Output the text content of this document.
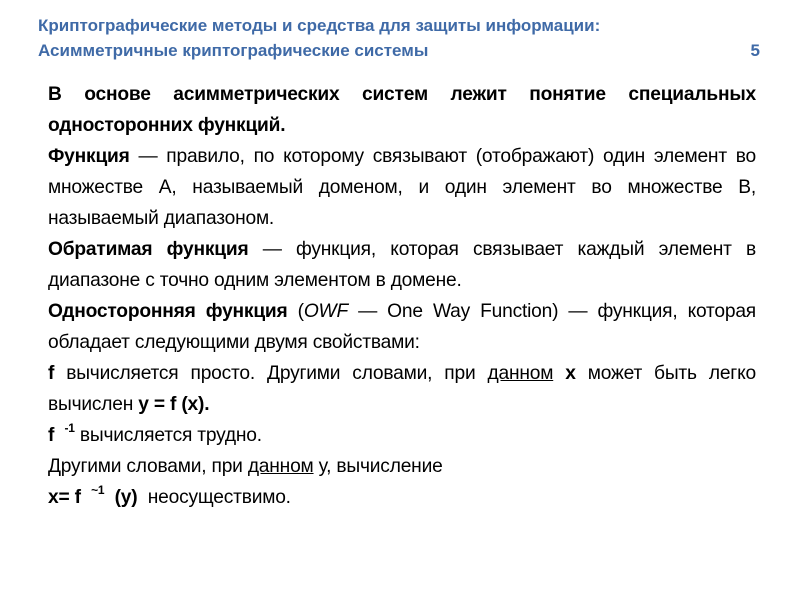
Криптографические методы и средства для защиты информации:
Асимметричные криптографические системы	5

В основе асимметрических систем лежит понятие специальных односторонних функций.

Функция — правило, по которому связывают (отображают) один элемент во множестве А, называемый доменом, и один элемент во множестве В, называемый диапазоном.

Обратимая функция — функция, которая связывает каждый элемент в диапазоне с точно одним элементом в домене.

Односторонняя функция (OWF — One Way Function) — функция, которая обладает следующими двумя свойствами:

f вычисляется просто. Другими словами, при данном x может быть легко вычислен y = f (x).

f $^{-1}$ вычисляется трудно.

Другими словами, при данном у, вычисление

x= f $^{\sim 1}$  (y)  неосуществимо.
